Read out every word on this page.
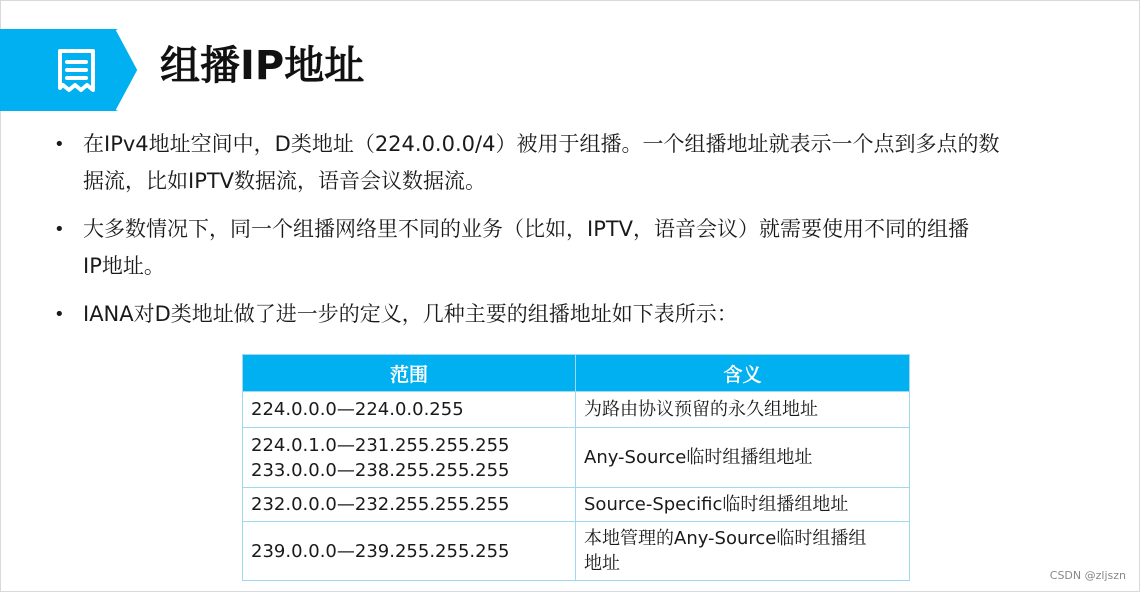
组播IP地址
• 在IPv4地址空间中，D类地址（224.0.0.0/4）被用于组播。一个组播地址就表示一个点到多点的数
据流，比如IPTV数据流，语音会议数据流。
• 大多数情况下，同一个组播网络里不同的业务（比如，IPTV，语音会议）就需要使用不同的组播
IP地址。
• IANA对D类地址做了进一步的定义，几种主要的组播地址如下表所示：
范围	含义
224.0.0.0—224.0.0.255	为路由协议预留的永久组地址
224.0.1.0—231.255.255.255
233.0.0.0—238.255.255.255	Any-Source临时组播组地址
232.0.0.0—232.255.255.255	Source-Specific临时组播组地址
239.0.0.0—239.255.255.255	本地管理的Any-Source临时组播组
地址
CSDN @zljszn
